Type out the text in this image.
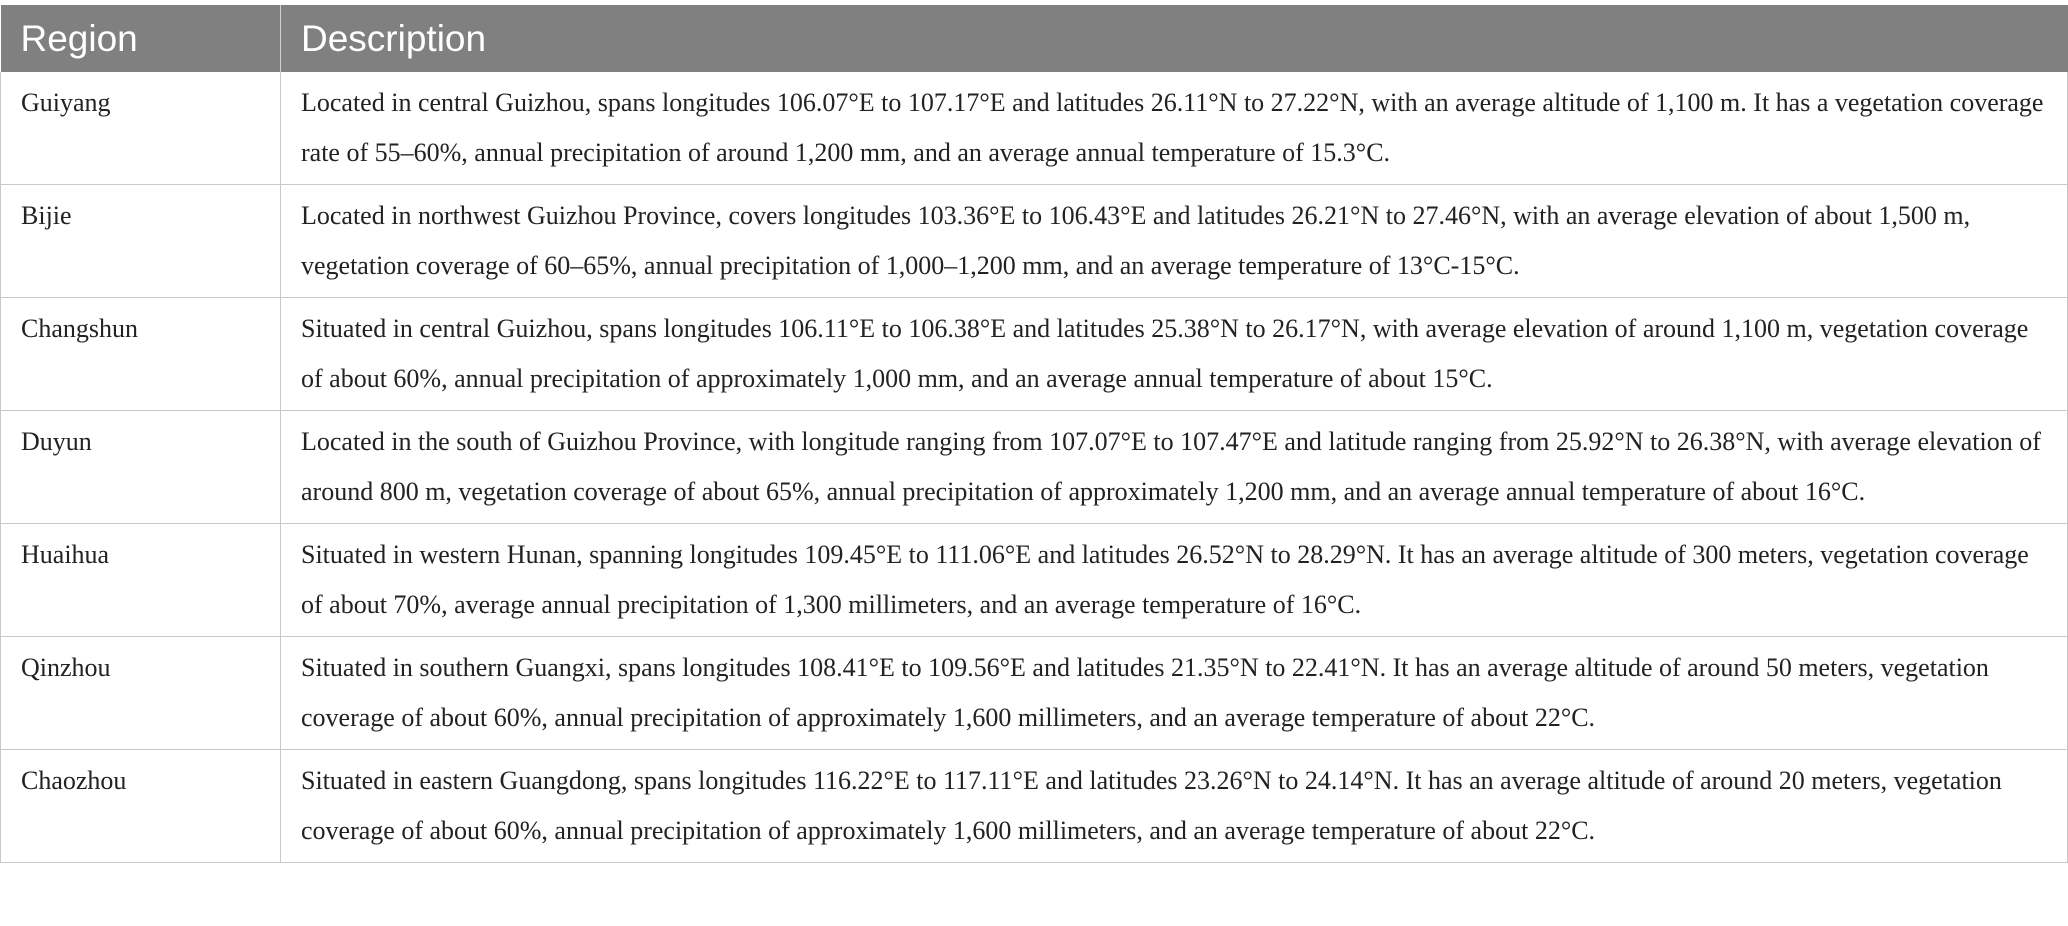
Region	Description
Guiyang	Located in central Guizhou, spans longitudes 106.07°E to 107.17°E and latitudes 26.11°N to 27.22°N, with an average altitude of 1,100 m. It has a vegetation coverage rate of 55–60%, annual precipitation of around 1,200 mm, and an average annual temperature of 15.3°C.
Bijie	Located in northwest Guizhou Province, covers longitudes 103.36°E to 106.43°E and latitudes 26.21°N to 27.46°N, with an average elevation of about 1,500 m, vegetation coverage of 60–65%, annual precipitation of 1,000–1,200 mm, and an average temperature of 13°C-15°C.
Changshun	Situated in central Guizhou, spans longitudes 106.11°E to 106.38°E and latitudes 25.38°N to 26.17°N, with average elevation of around 1,100 m, vegetation coverage of about 60%, annual precipitation of approximately 1,000 mm, and an average annual temperature of about 15°C.
Duyun	Located in the south of Guizhou Province, with longitude ranging from 107.07°E to 107.47°E and latitude ranging from 25.92°N to 26.38°N, with average elevation of around 800 m, vegetation coverage of about 65%, annual precipitation of approximately 1,200 mm, and an average annual temperature of about 16°C.
Huaihua	Situated in western Hunan, spanning longitudes 109.45°E to 111.06°E and latitudes 26.52°N to 28.29°N. It has an average altitude of 300 meters, vegetation coverage of about 70%, average annual precipitation of 1,300 millimeters, and an average temperature of 16°C.
Qinzhou	Situated in southern Guangxi, spans longitudes 108.41°E to 109.56°E and latitudes 21.35°N to 22.41°N. It has an average altitude of around 50 meters, vegetation coverage of about 60%, annual precipitation of approximately 1,600 millimeters, and an average temperature of about 22°C.
Chaozhou	Situated in eastern Guangdong, spans longitudes 116.22°E to 117.11°E and latitudes 23.26°N to 24.14°N. It has an average altitude of around 20 meters, vegetation coverage of about 60%, annual precipitation of approximately 1,600 millimeters, and an average temperature of about 22°C.
